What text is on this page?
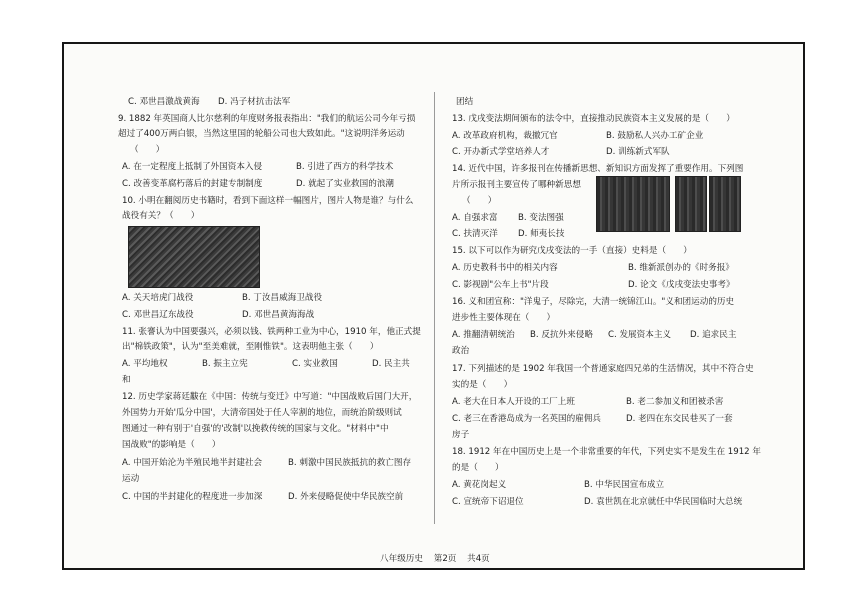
C. 邓世昌激战黄海 D. 冯子材抗击法军
9. 1882 年英国商人比尔慈利的年度财务报表指出："我们的航运公司今年亏损
超过了400万两白银，当然这里国的轮船公司也大致如此。"这说明洋务运动
（　　）
A. 在一定程度上抵制了外国资本入侵	B. 引进了西方的科学技术
C. 改善变革腐朽落后的封建专制制度	D. 就起了实业救国的浪潮
10. 小明在翻阅历史书籍时，看到下面这样一幅图片，图片人物是谁？与什么
战役有关？（　　）
A. 关天培虎门战役	B. 丁汝昌威海卫战役
C. 邓世昌辽东战役	D. 邓世昌黄海海战
11. 张謇认为中国要强兴，必须以钱、铁两种工业为中心，1910 年，他正式提
出"棉铁政策"，认为"至美难就，至刚惟铁"。这表明他主张（　　）
A. 平均地权	B. 振主立宪	C. 实业救国	D. 民主共
和
12. 历史学家蒋廷黻在《中国：传统与变迁》中写道："中国战败后国门大开，
外国势力开始'瓜分中国'，大清帝国处于任人宰割的地位，而统治阶级则试
图通过一种有别于'自强'的'改制'以挽救传统的国家与文化。"材料中"中
国战败"的影响是（　　）
A. 中国开始沦为半殖民地半封建社会	B. 刺激中国民族抵抗的救亡图存
运动
C. 中国的半封建化的程度进一步加深	D. 外来侵略促使中华民族空前
团结
13. 戊戌变法期间颁布的法令中，直接推动民族资本主义发展的是（　　）
A. 改革政府机构，裁撤冗官	B. 鼓励私人兴办工矿企业
C. 开办新式学堂培养人才	D. 训练新式军队
14. 近代中国，许多报刊在传播新思想、新知识方面发挥了重要作用。下列图
片所示报刊主要宣传了哪种新思想
（　　）
A. 自强求富 B. 变法图强
C. 扶清灭洋 D. 师夷长技
15. 以下可以作为研究戊戌变法的一手（直接）史料是（　　）
A. 历史教科书中的相关内容	B. 维新派创办的《时务报》
C. 影视剧"公车上书"片段	D. 论文《戊戌变法史事考》
16. 义和团宣称："洋鬼子，尽除完，大清一统锦江山。"义和团运动的历史
进步性主要体现在（　　）
A. 推翻清朝统治 B. 反抗外来侵略 C. 发展资本主义 D. 追求民主
政治
17. 下列描述的是 1902 年我国一个普通家庭四兄弟的生活情况，其中不符合史
实的是（　　）
A. 老大在日本人开设的工厂上班	B. 老二参加义和团被杀害
C. 老三在香港岛成为一名英国的雇佣兵	D. 老四在东交民巷买了一套
房子
18. 1912 年在中国历史上是一个非常重要的年代，下列史实不是发生在 1912 年
的是（　　）
A. 黄花岗起义	B. 中华民国宣布成立
C. 宣统帝下诏退位	D. 袁世凯在北京就任中华民国临时大总统
八年级历史 第2页 共4页
